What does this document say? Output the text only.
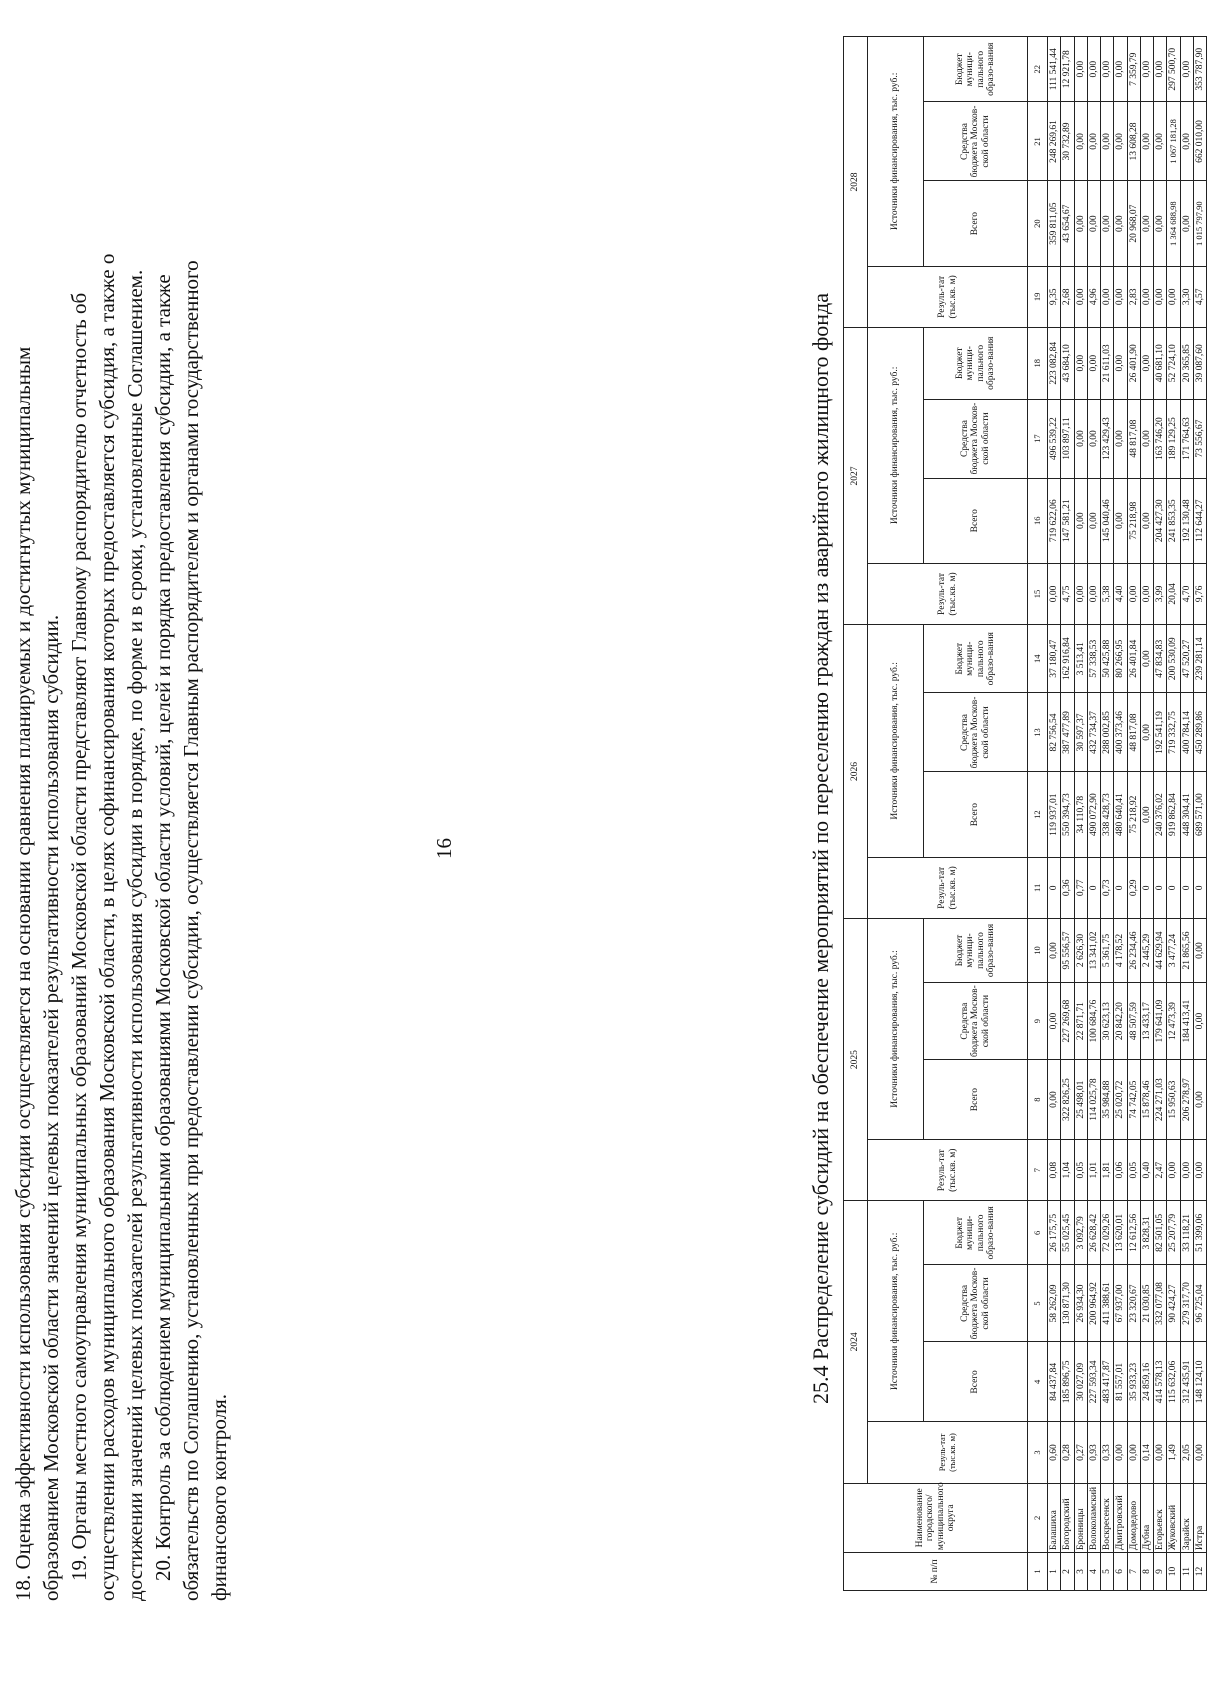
16
18. Оценка эффективности использования субсидии осуществляется на основании сравнения планируемых и достигнутых муниципальным образованием Московской области значений целевых показателей результативности использования субсидии. 19. Органы местного самоуправления муниципальных образований Московской области представляют Главному распорядителю отчетность об осуществлении расходов муниципального образования Московской области, в целях софинансирования которых предоставляется субсидия, а также о достижении значений целевых показателей результативности использования субсидии в порядке, по форме и в сроки, установленные Соглашением. 20. Контроль за соблюдением муниципальными образованиями Московской области условий, целей и порядка предоставления субсидии, а также обязательств по Соглашению, установленных при предоставлении субсидии, осуществляется Главным распорядителем и органами государственного финансового контроля.
25.4 Распределение субсидий на обеспечение мероприятий по переселению граждан из аварийного жилищного фонда
№ п/п	Наименование городского/ муниципального округа	2024				2025				2026				2027				2028			
		Резуль-тат (тыс.кв. м)	Источники финансирования, тыс. руб.:			Резуль-тат (тыс.кв. м)	Источники финансирования, тыс. руб.:			Резуль-тат (тыс.кв. м)	Источники финансирования, тыс. руб.:			Резуль-тат (тыс.кв. м)	Источники финансирования, тыс. руб.:			Резуль-тат (тыс.кв. м)	Источники финансирования, тыс. руб.:		
			Всего	Средства бюджета Москов-ской области	Бюджет муници-пального образо-вания		Всего	Средства бюджета Москов-ской области	Бюджет муници-пального образо-вания		Всего	Средства бюджета Москов-ской области	Бюджет муници-пального образо-вания		Всего	Средства бюджета Москов-ской области	Бюджет муници-пального образо-вания		Всего	Средства бюджета Москов-ской области	Бюджет муници-пального образо-вания
1	2	3	4	5	6	7	8	9	10	11	12	13	14	15	16	17	18	19	20	21	22
1	Балашиха	0,60	84 437,84	58 262,09	26 175,75	0,08	0,00	0,00	0,00	0	119 937,01	82 756,54	37 180,47	0,00	719 622,06	496 539,22	223 082,84	9,35	359 811,05	248 269,61	111 541,44
2	Богородский	0,28	185 896,75	130 871,30	55 025,45	1,04	322 826,25	227 269,68	95 556,57	0,36	550 394,73	387 477,89	162 916,84	4,75	147 581,21	103 897,11	43 684,10	2,68	43 654,67	30 732,89	12 921,78
3	Бронницы	0,27	30 027,09	26 934,30	3 092,79	0,05	25 498,01	22 871,71	2 626,30	0,77	34 110,78	30 597,37	3 513,41	0,00	0,00	0,00	0,00	0,00	0,00	0,00	0,00
4	Волоколамский	0,93	227 593,34	200 964,92	26 628,42	1,01	114 025,78	100 684,76	13 341,02	0	490 072,90	432 734,37	57 338,53	0,00	0,00	0,00	0,00	4,96	0,00	0,00	0,00
5	Воскресенск	0,33	483 417,87	411 388,61	72 029,26	1,81	35 984,88	30 623,13	5 361,75	0,73	338 428,73	288 002,85	50 425,88	5,38	145 040,46	123 429,43	21 611,03	0,00	0,00	0,00	0,00
6	Дмитровский	0,00	81 557,01	67 937,00	13 620,01	0,06	25 020,72	20 842,20	4 178,52	0	480 640,41	400 373,46	80 266,95	4,40	0,00	0,00	0,00	0,00	0,00	0,00	0,00
7	Домодедово	0,00	35 933,23	23 320,67	12 612,56	0,05	74 742,05	48 507,59	26 234,46	0,29	75 218,92	48 817,08	26 401,84	0,00	75 218,98	48 817,08	26 401,90	2,83	20 968,07	13 608,28	7 359,79
8	Дубна	0,14	24 859,16	21 030,85	3 828,31	0,40	15 878,46	13 433,17	2 445,29	0	0,00	0,00	0,00	0,00	0,00	0,00	0,00	0,00	0,00	0,00	0,00
9	Егорьевск	0,00	414 578,13	332 077,08	82 501,05	2,47	224 271,03	179 641,09	44 629,94	0	240 376,02	192 541,19	47 834,83	3,99	204 427,30	163 746,20	40 681,10	0,00	0,00	0,00	0,00
10	Жуковский	1,49	115 632,06	90 424,27	25 207,79	0,00	15 950,63	12 473,39	3 477,24	0	919 862,84	719 332,75	200 530,09	20,04	241 853,35	189 129,25	52 724,10	0,00	1 364 688,98	1 067 181,28	297 500,70
11	Зарайск	2,05	312 435,91	279 317,70	33 118,21	0,00	206 278,97	184 413,41	21 865,56	0	448 304,41	400 784,14	47 520,27	4,70	192 130,48	171 764,63	20 365,85	3,30	0,00	0,00	0,00
12	Истра	0,00	148 124,10	96 725,04	51 399,06	0,00	0,00	0,00	0,00	0	689 571,00	450 289,86	239 281,14	9,76	112 644,27	73 556,67	39 087,60	4,57	1 015 797,90	662 010,00	353 787,90
